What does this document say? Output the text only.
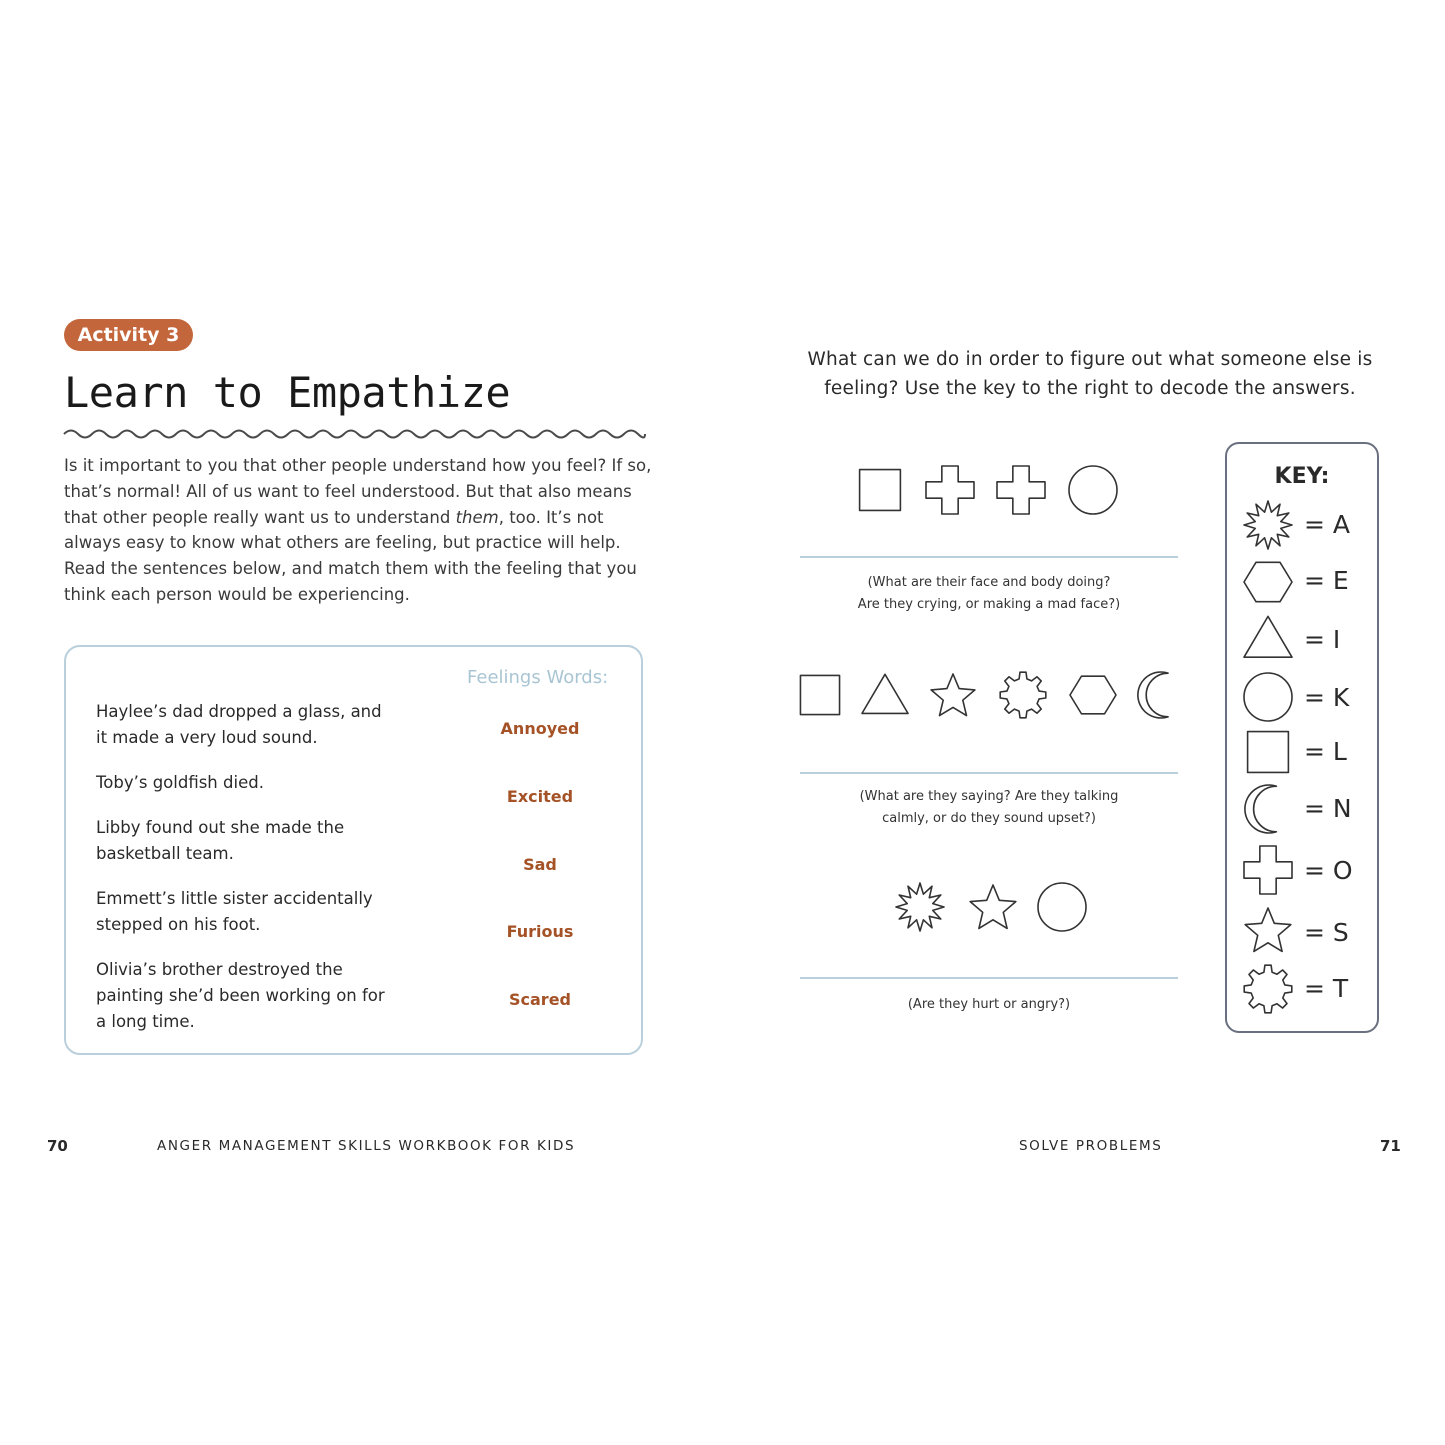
Activity 3
Learn to Empathize
Is it important to you that other people understand how you feel? If so,
that’s normal! All of us want to feel understood. But that also means
that other people really want us to understand them, too. It’s not
always easy to know what others are feeling, but practice will help.
Read the sentences below, and match them with the feeling that you
think each person would be experiencing.
Feelings Words:
Haylee’s dad dropped a glass, and it made a very loud sound.
Toby’s goldfish died.
Libby found out she made the basketball team.
Emmett’s little sister accidentally stepped on his foot.
Olivia’s brother destroyed the painting she’d been working on for a long time.
Annoyed
Excited
Sad
Furious
Scared
70	ANGER MANAGEMENT SKILLS WORKBOOK FOR KIDS
What can we do in order to figure out what someone else is
feeling? Use the key to the right to decode the answers.
(What are their face and body doing?
Are they crying, or making a mad face?)
(What are they saying? Are they talking
calmly, or do they sound upset?)
(Are they hurt or angry?)
KEY:
= A
= E
= I
= K
= L
= N
= O
= S
= T
SOLVE PROBLEMS	71
